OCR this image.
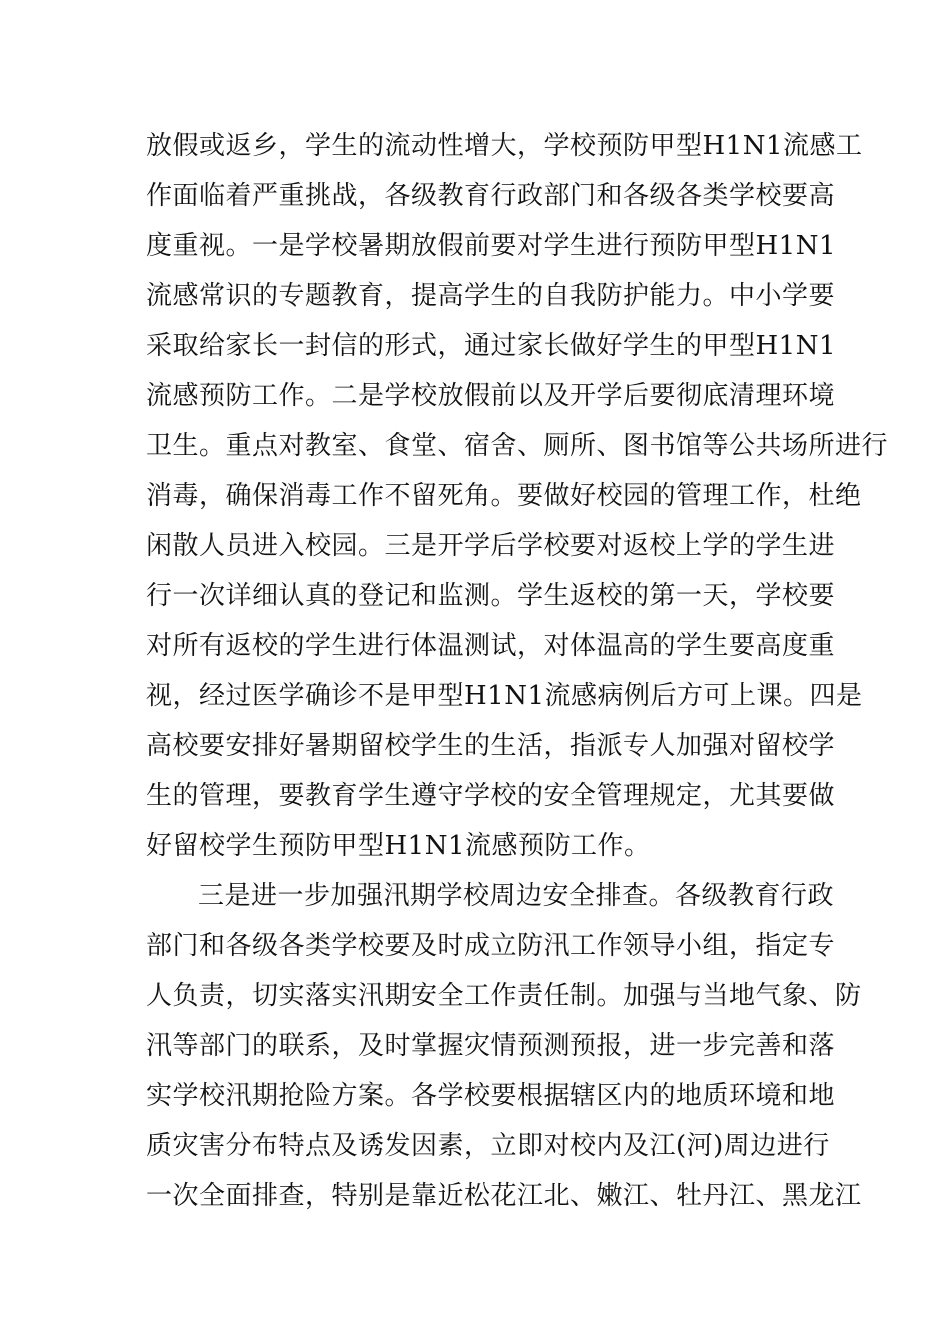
放假或返乡，学生的流动性增大，学校预防甲型H1N1流感工
作面临着严重挑战，各级教育行政部门和各级各类学校要高
度重视。一是学校暑期放假前要对学生进行预防甲型H1N1
流感常识的专题教育，提高学生的自我防护能力。中小学要
采取给家长一封信的形式，通过家长做好学生的甲型H1N1
流感预防工作。二是学校放假前以及开学后要彻底清理环境
卫生。重点对教室、食堂、宿舍、厕所、图书馆等公共场所进行
消毒，确保消毒工作不留死角。要做好校园的管理工作，杜绝
闲散人员进入校园。三是开学后学校要对返校上学的学生进
行一次详细认真的登记和监测。学生返校的第一天，学校要
对所有返校的学生进行体温测试，对体温高的学生要高度重
视，经过医学确诊不是甲型H1N1流感病例后方可上课。四是
高校要安排好暑期留校学生的生活，指派专人加强对留校学
生的管理，要教育学生遵守学校的安全管理规定，尤其要做
好留校学生预防甲型H1N1流感预防工作。
三是进一步加强汛期学校周边安全排查。各级教育行政
部门和各级各类学校要及时成立防汛工作领导小组，指定专
人负责，切实落实汛期安全工作责任制。加强与当地气象、防
汛等部门的联系，及时掌握灾情预测预报，进一步完善和落
实学校汛期抢险方案。各学校要根据辖区内的地质环境和地
质灾害分布特点及诱发因素，立即对校内及江(河)周边进行
一次全面排查，特别是靠近松花江北、嫩江、牡丹江、黑龙江
